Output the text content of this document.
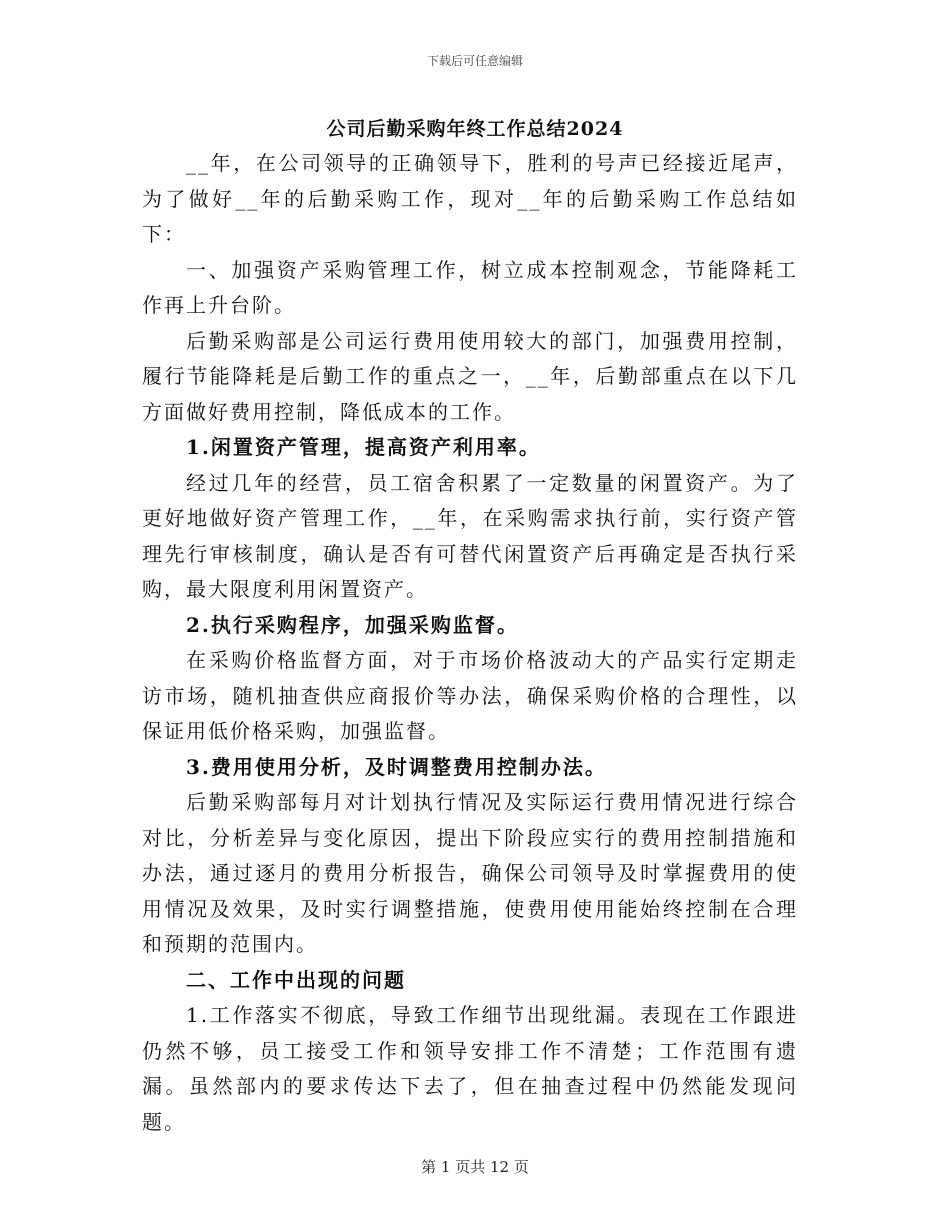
下载后可任意编辑
公司后勤采购年终工作总结2024

__年，在公司领导的正确领导下，胜利的号声已经接近尾声，为了做好__年的后勤采购工作，现对__年的后勤采购工作总结如下：

一、加强资产采购管理工作，树立成本控制观念，节能降耗工作再上升台阶。

后勤采购部是公司运行费用使用较大的部门，加强费用控制，履行节能降耗是后勤工作的重点之一，__年，后勤部重点在以下几方面做好费用控制，降低成本的工作。

1.闲置资产管理，提高资产利用率。

经过几年的经营，员工宿舍积累了一定数量的闲置资产。为了更好地做好资产管理工作，__年，在采购需求执行前，实行资产管理先行审核制度，确认是否有可替代闲置资产后再确定是否执行采购，最大限度利用闲置资产。

2.执行采购程序，加强采购监督。

在采购价格监督方面，对于市场价格波动大的产品实行定期走访市场，随机抽查供应商报价等办法，确保采购价格的合理性，以保证用低价格采购，加强监督。

3.费用使用分析，及时调整费用控制办法。

后勤采购部每月对计划执行情况及实际运行费用情况进行综合对比，分析差异与变化原因，提出下阶段应实行的费用控制措施和办法，通过逐月的费用分析报告，确保公司领导及时掌握费用的使用情况及效果，及时实行调整措施，使费用使用能始终控制在合理和预期的范围内。

二、工作中出现的问题

1.工作落实不彻底，导致工作细节出现纰漏。表现在工作跟进仍然不够，员工接受工作和领导安排工作不清楚；工作范围有遗漏。虽然部内的要求传达下去了，但在抽查过程中仍然能发现问题。

第 1 页共 12 页
